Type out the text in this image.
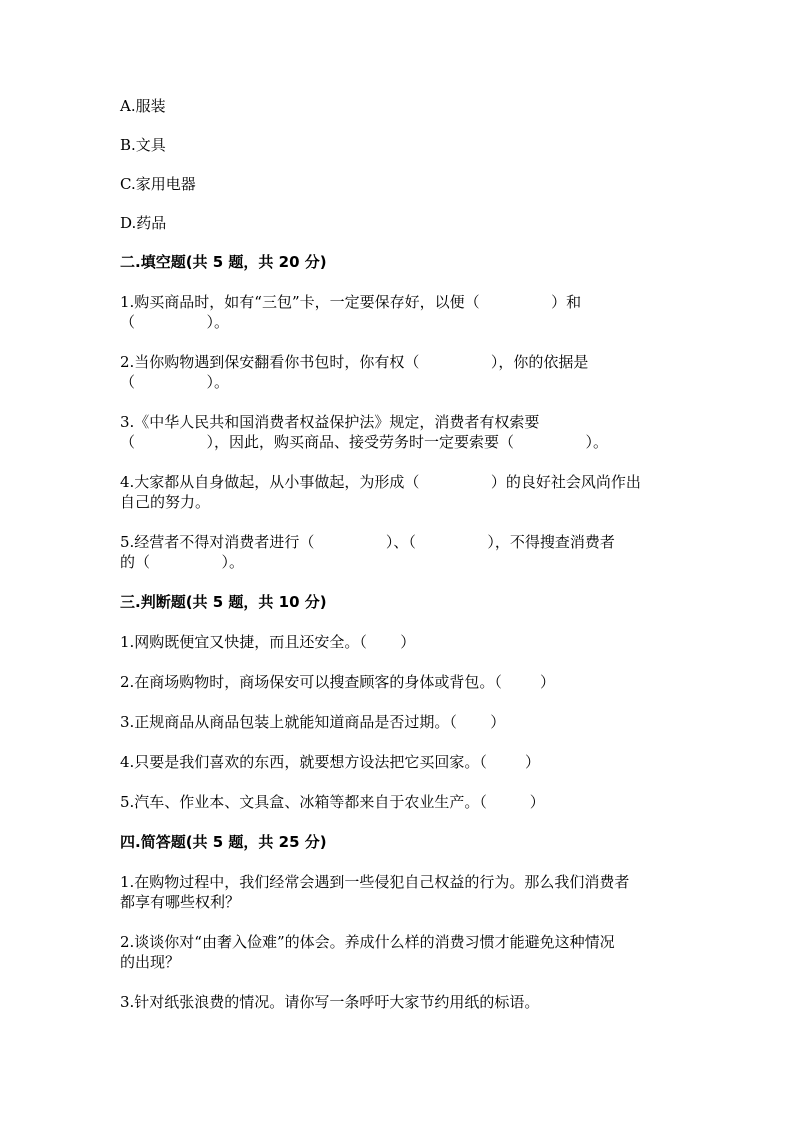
A.服装
B.文具
C.家用电器
D.药品
二.填空题(共 5 题，共 20 分)
1.购买商品时，如有“三包”卡，一定要保存好，以便（               ）和
（               ）。
2.当你购物遇到保安翻看你书包时，你有权（               ），你的依据是
（               ）。
3.《中华人民共和国消费者权益保护法》规定，消费者有权索要
（               ），因此，购买商品、接受劳务时一定要索要（               ）。
4.大家都从自身做起，从小事做起，为形成（               ）的良好社会风尚作出
自己的努力。
5.经营者不得对消费者进行（               ）、（               ），不得搜查消费者
的（               ）。
三.判断题(共 5 题，共 10 分)
1.网购既便宜又快捷，而且还安全。（       ）
2.在商场购物时，商场保安可以搜查顾客的身体或背包。（        ）
3.正规商品从商品包装上就能知道商品是否过期。（       ）
4.只要是我们喜欢的东西，就要想方设法把它买回家。（        ）
5.汽车、作业本、文具盒、冰箱等都来自于农业生产。（         ）
四.简答题(共 5 题，共 25 分)
1.在购物过程中，我们经常会遇到一些侵犯自己权益的行为。那么我们消费者
都享有哪些权利？
2.谈谈你对“由奢入俭难”的体会。养成什么样的消费习惯才能避免这种情况
的出现？
3.针对纸张浪费的情况。请你写一条呼吁大家节约用纸的标语。
